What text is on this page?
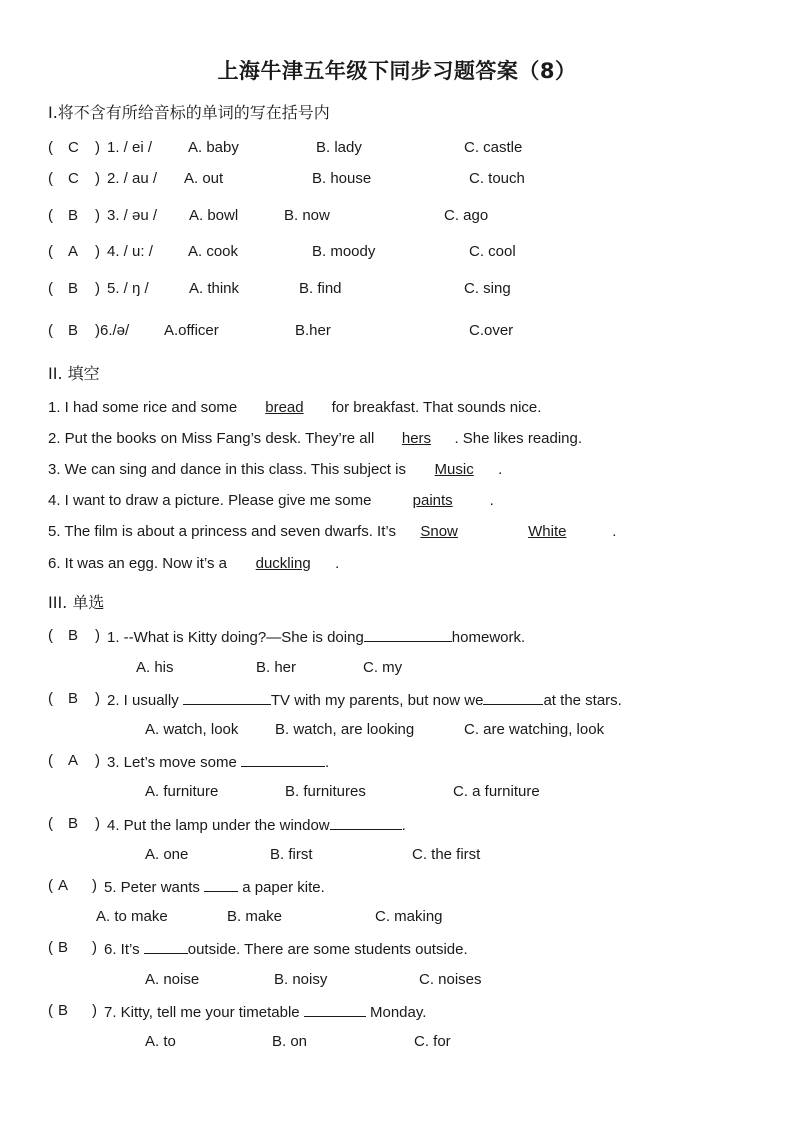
上海牛津五年级下同步习题答案（8）
Ⅰ.将不含有所给音标的单词的写在括号内
( C ) 1. / ei / A. baby	B. lady	C. castle
( C ) 2. / au / A. out	B. house	C. touch
( B ) 3. / əu / A. bowl	B. now	C. ago
( A ) 4. / u: / A. cook	B. moody	C. cool
( B ) 5. / ŋ /	A. think	B. find	C. sing
( B ) 6./ə/ A.officer	B.her	C.over
II. 填空
1. I had some rice and some bread for breakfast. That sounds nice.
2. Put the books on Miss Fang’s desk. They’re all hers . She likes reading.
3. We can sing and dance in this class. This subject is Music .
4. I want to draw a picture. Please give me some paints .
5. The film is about a princess and seven dwarfs. It’s Snow	White	.
6. It was an egg. Now it’s a duckling .
III. 单选
( B ) 1. --What is Kitty doing?—She is doing	homework.
A. his	B. her	C. my
( B ) 2. I usually	TV with my parents, but now we	at the stars.
A. watch, look B. watch, are looking	C. are watching, look
( A ) 3. Let’s move some	.
A. furniture	B. furnitures	C. a furniture
( B ) 4. Put the lamp under the window	.
A. one	B. first	C. the first
( A ) 5. Peter wants  a paper kite.
A. to make	B. make	C. making
( B ) 6. It’s	outside. There are some students outside.
A. noise	B. noisy	C. noises
( B ) 7. Kitty, tell me your timetable	Monday.
A. to	B. on	C. for
